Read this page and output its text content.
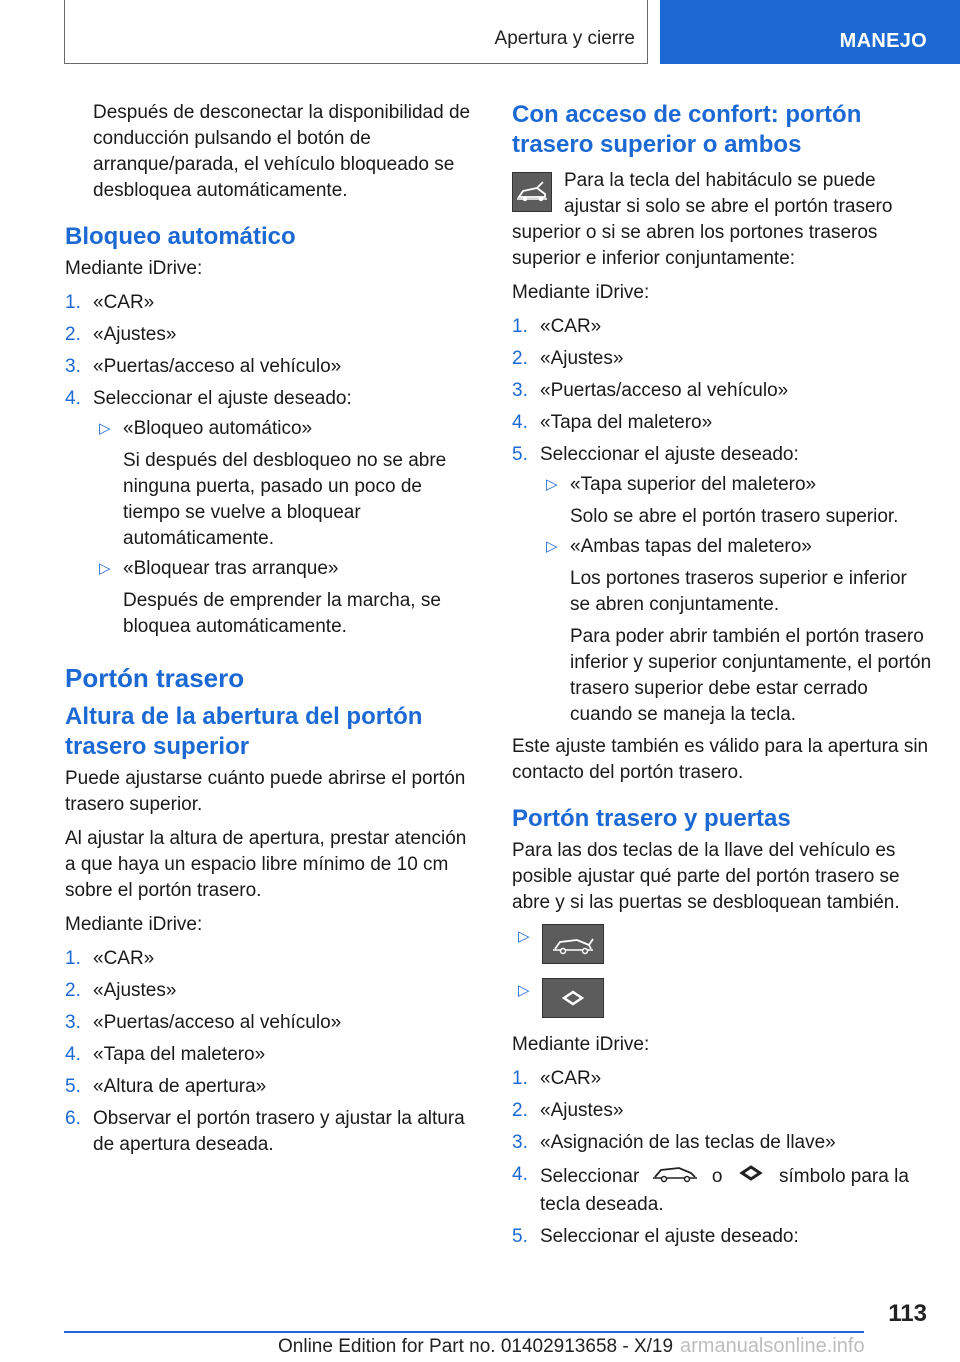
Apertura y cierre	MANEJO

Después de desconectar la disponibilidad de conducción pulsando el botón de arranque/parada, el vehículo bloqueado se desbloquea automáticamente.

Bloqueo automático

Mediante iDrive:

1. «CAR»
2. «Ajustes»
3. «Puertas/acceso al vehículo»
4. Seleccionar el ajuste deseado:
▷ «Bloqueo automático»
Si después del desbloqueo no se abre ninguna puerta, pasado un poco de tiempo se vuelve a bloquear automáticamente.
▷ «Bloquear tras arranque»
Después de emprender la marcha, se bloquea automáticamente.
Portón trasero
Altura de la abertura del portón trasero superior

Puede ajustarse cuánto puede abrirse el portón trasero superior.

Al ajustar la altura de apertura, prestar atención a que haya un espacio libre mínimo de 10 cm sobre el portón trasero.

Mediante iDrive:

1. «CAR»
2. «Ajustes»
3. «Puertas/acceso al vehículo»
4. «Tapa del maletero»
5. «Altura de apertura»
6. Observar el portón trasero y ajustar la altura de apertura deseada.
Con acceso de confort: portón trasero superior o ambos

Para la tecla del habitáculo se puede ajustar si solo se abre el portón trasero superior o si se abren los portones traseros superior e inferior conjuntamente:

Mediante iDrive:

1. «CAR»
2. «Ajustes»
3. «Puertas/acceso al vehículo»
4. «Tapa del maletero»
5. Seleccionar el ajuste deseado:
▷ «Tapa superior del maletero»
Solo se abre el portón trasero superior.
▷ «Ambas tapas del maletero»
Los portones traseros superior e inferior se abren conjuntamente.
Para poder abrir también el portón trasero inferior y superior conjuntamente, el portón trasero superior debe estar cerrado cuando se maneja la tecla.

Este ajuste también es válido para la apertura sin contacto del portón trasero.

Portón trasero y puertas

Para las dos teclas de la llave del vehículo es posible ajustar qué parte del portón trasero se abre y si las puertas se desbloquean también.

▷
▷

Mediante iDrive:

1. «CAR»
2. «Ajustes»
3. «Asignación de las teclas de llave»
4. Seleccionar	o	símbolo para la tecla deseada.
5. Seleccionar el ajuste deseado:
113
Online Edition for Part no. 01402913658 - X/19 armanualsonline.info
